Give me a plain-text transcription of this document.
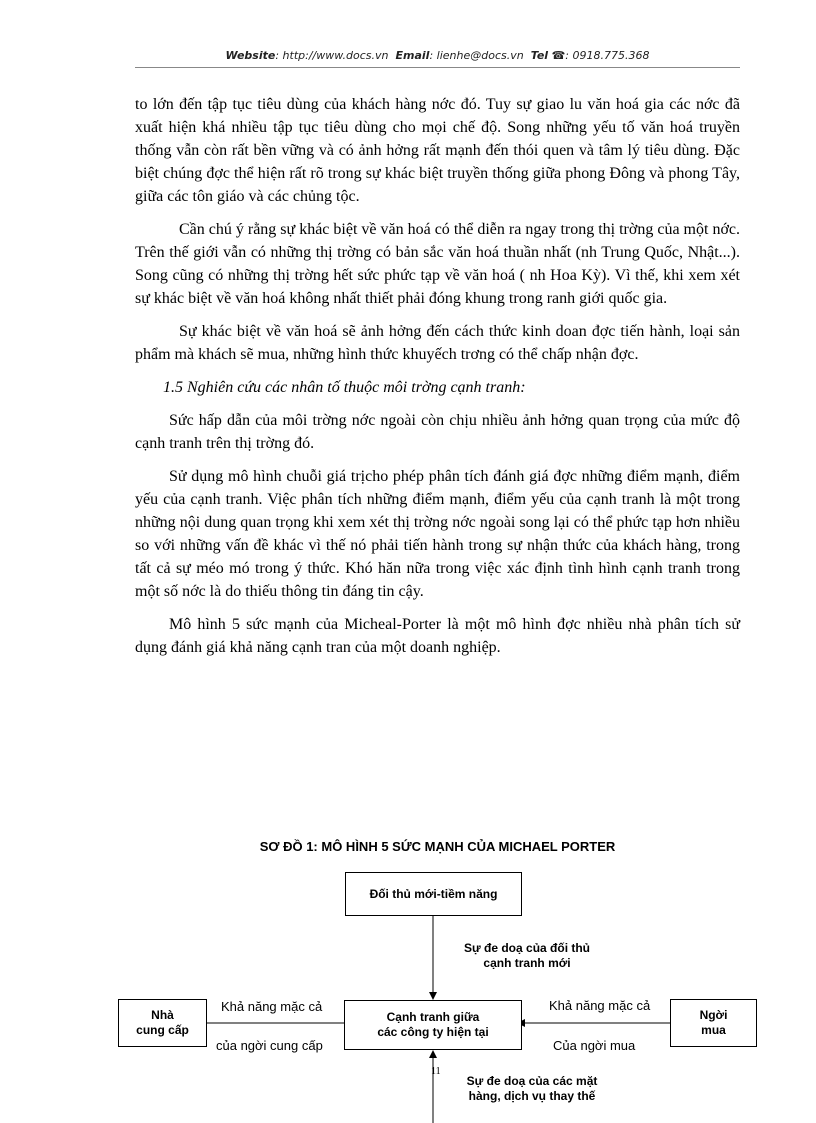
Website: http://www.docs.vn Email: lienhe@docs.vn Tel ☎: 0918.775.368

to lớn đến tập tục tiêu dùng của khách hàng nớc đó. Tuy sự giao lu văn hoá gia các nớc đã xuất hiện khá nhiều tập tục tiêu dùng cho mọi chế độ. Song những yếu tố văn hoá truyền thống vẫn còn rất bền vững và có ảnh hởng rất mạnh đến thói quen và tâm lý tiêu dùng. Đặc biệt chúng đợc thể hiện rất rõ trong sự khác biệt truyền thống giữa phong Đông và phong Tây, giữa các tôn giáo và các chủng tộc.

Cần chú ý rằng sự khác biệt về văn hoá có thể diễn ra ngay trong thị trờng của một nớc. Trên thế giới vẫn có những thị trờng có bản sắc văn hoá thuần nhất (nh Trung Quốc, Nhật...). Song cũng có những thị trờng hết sức phức tạp về văn hoá ( nh Hoa Kỳ). Vì thế, khi xem xét sự khác biệt về văn hoá không nhất thiết phải đóng khung trong ranh giới quốc gia.

Sự khác biệt về văn hoá sẽ ảnh hởng đến cách thức kinh doan đợc tiến hành, loại sản phẩm mà khách sẽ mua, những hình thức khuyếch trơng có thể chấp nhận đợc.

1.5 Nghiên cứu các nhân tố thuộc môi trờng cạnh tranh:

Sức hấp dẫn của môi trờng nớc ngoài còn chịu nhiều ảnh hởng quan trọng của mức độ cạnh tranh trên thị trờng đó.

Sử dụng mô hình chuỗi giá trịcho phép phân tích đánh giá đợc những điểm mạnh, điểm yếu của cạnh tranh. Việc phân tích những điểm mạnh, điểm yếu của cạnh tranh là một trong những nội dung quan trọng khi xem xét thị trờng nớc ngoài song lại có thể phức tạp hơn nhiều so với những vấn đề khác vì thế nó phải tiến hành trong sự nhận thức của khách hàng, trong tất cả sự méo mó trong ý thức. Khó hăn nữa trong việc xác định tình hình cạnh tranh trong một số nớc là do thiếu thông tin đáng tin cậy.

Mô hình 5 sức mạnh của Micheal-Porter là một mô hình đợc nhiều nhà phân tích sử dụng đánh giá khả năng cạnh tran của một doanh nghiệp.

SƠ ĐỒ 1: MÔ HÌNH 5 SỨC MẠNH CỦA MICHAEL PORTER
Đối thủ mới-tiềm năng
Sự đe doạ của đối thủ
cạnh tranh mới
Nhà
cung cấp
Khả năng mặc cả
của ngời cung cấp
Cạnh tranh giữa
các công ty hiện tại
Khả năng mặc cả
Của ngời mua
Ngời
mua
Sự đe doạ của các mặt
hàng, dịch vụ thay thế
11
